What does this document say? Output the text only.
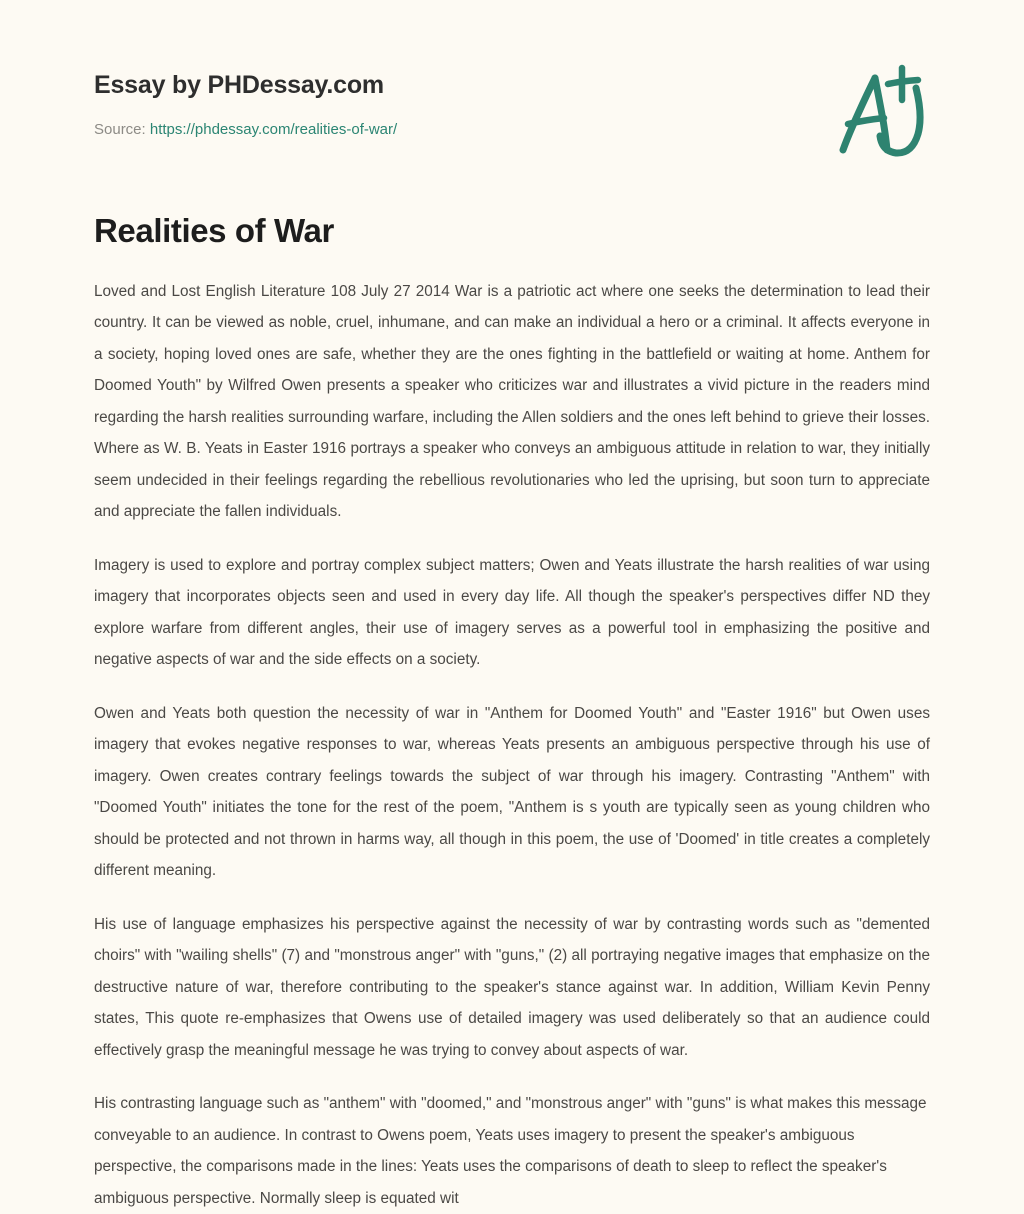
Essay by PHDessay.com
Source: https://phdessay.com/realities-of-war/
Realities of War

Loved and Lost English Literature 108 July 27 2014 War is a patriotic act where one seeks the determination to lead their country. It can be viewed as noble, cruel, inhumane, and can make an individual a hero or a criminal. It affects everyone in a society, hoping loved ones are safe, whether they are the ones fighting in the battlefield or waiting at home. Anthem for Doomed Youth" by Wilfred Owen presents a speaker who criticizes war and illustrates a vivid picture in the readers mind regarding the harsh realities surrounding warfare, including the Allen soldiers and the ones left behind to grieve their losses. Where as W. B. Yeats in Easter 1916 portrays a speaker who conveys an ambiguous attitude in relation to war, they initially seem undecided in their feelings regarding the rebellious revolutionaries who led the uprising, but soon turn to appreciate and appreciate the fallen individuals.

Imagery is used to explore and portray complex subject matters; Owen and Yeats illustrate the harsh realities of war using imagery that incorporates objects seen and used in every day life. All though the speaker's perspectives differ ND they explore warfare from different angles, their use of imagery serves as a powerful tool in emphasizing the positive and negative aspects of war and the side effects on a society.

Owen and Yeats both question the necessity of war in "Anthem for Doomed Youth" and "Easter 1916" but Owen uses imagery that evokes negative responses to war, whereas Yeats presents an ambiguous perspective through his use of imagery. Owen creates contrary feelings towards the subject of war through his imagery. Contrasting "Anthem" with "Doomed Youth" initiates the tone for the rest of the poem, "Anthem is s youth are typically seen as young children who should be protected and not thrown in harms way, all though in this poem, the use of 'Doomed' in title creates a completely different meaning.

His use of language emphasizes his perspective against the necessity of war by contrasting words such as "demented choirs" with "wailing shells" (7) and "monstrous anger" with "guns," (2) all portraying negative images that emphasize on the destructive nature of war, therefore contributing to the speaker's stance against war. In addition, William Kevin Penny states, This quote re-emphasizes that Owens use of detailed imagery was used deliberately so that an audience could effectively grasp the meaningful message he was trying to convey about aspects of war.

His contrasting language such as "anthem" with "doomed," and "monstrous anger" with "guns" is what makes this message conveyable to an audience. In contrast to Owens poem, Yeats uses imagery to present the speaker's ambiguous perspective, the comparisons made in the lines: Yeats uses the comparisons of death to sleep to reflect the speaker's ambiguous perspective. Normally sleep is equated wit
